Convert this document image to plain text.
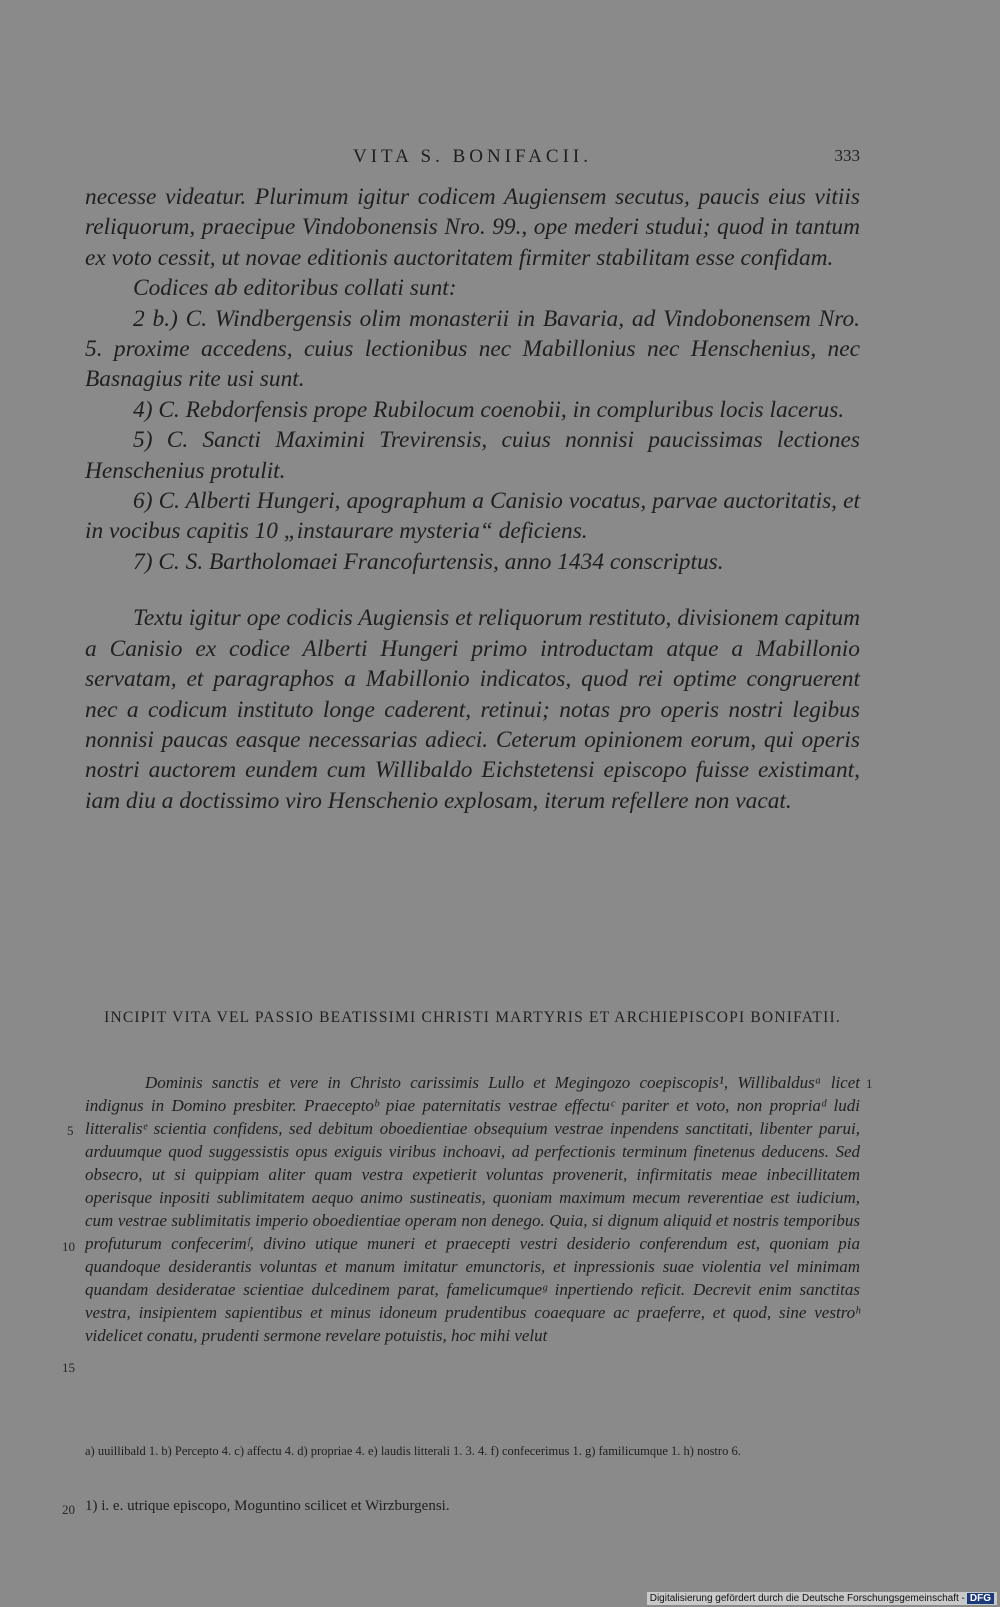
VITA S. BONIFACII.	333

necesse videatur. Plurimum igitur codicem Augiensem secutus, paucis eius vitiis reliquorum, praecipue Vindobonensis Nro. 99., ope mederi studui; quod in tantum ex voto cessit, ut novae editionis auctoritatem firmiter stabilitam esse confidam.

Codices ab editoribus collati sunt:

2 b.) C. Windbergensis olim monasterii in Bavaria, ad Vindobonensem Nro. 5. proxime accedens, cuius lectionibus nec Mabillonius nec Henschenius, nec Basnagius rite usi sunt.

4) C. Rebdorfensis prope Rubilocum coenobii, in compluribus locis lacerus.

5) C. Sancti Maximini Trevirensis, cuius nonnisi paucissimas lectiones Henschenius protulit.

6) C. Alberti Hungeri, apographum a Canisio vocatus, parvae auctoritatis, et in vocibus capitis 10 „instaurare mysteria“ deficiens.

7) C. S. Bartholomaei Francofurtensis, anno 1434 conscriptus.

Textu igitur ope codicis Augiensis et reliquorum restituto, divisionem capitum a Canisio ex codice Alberti Hungeri primo introductam atque a Mabillonio servatam, et paragraphos a Mabillonio indicatos, quod rei optime congruerent nec a codicum instituto longe caderent, retinui; notas pro operis nostri legibus nonnisi paucas easque necessarias adieci. Ceterum opinionem eorum, qui operis nostri auctorem eundem cum Willibaldo Eichstetensi episcopo fuisse existimant, iam diu a doctissimo viro Henschenio explosam, iterum refellere non vacat.

INCIPIT VITA VEL PASSIO BEATISSIMI CHRISTI MARTYRIS ET ARCHIEPISCOPI BONIFATII.

Dominis sanctis et vere in Christo carissimis Lullo et Megingozo coepiscopis¹, Willibaldusᵃ licet indignus in Domino presbiter. Praeceptoᵇ piae paternitatis vestrae effectuᶜ pariter et voto, non propriaᵈ ludi litteralisᵉ scientia confidens, sed debitum oboedientiae obsequium vestrae inpendens sanctitati, libenter parui, arduumque quod suggessistis opus exiguis viribus inchoavi, ad perfectionis terminum finetenus deducens. Sed obsecro, ut si quippiam aliter quam vestra expetierit voluntas provenerit, infirmitatis meae inbecillitatem operisque inpositi sublimitatem aequo animo sustineatis, quoniam maximum mecum reverentiae est iudicium, cum vestrae sublimitatis imperio oboedientiae operam non denego. Quia, si dignum aliquid et nostris temporibus profuturum confecerimᶠ, divino utique muneri et praecepti vestri desiderio conferendum est, quoniam pia quandoque desiderantis voluntas et manum imitatur emunctoris, et inpressionis suae violentia vel minimam quandam desideratae scientiae dulcedinem parat, famelicumqueᵍ inpertiendo reficit. Decrevit enim sanctitas vestra, insipientem sapientibus et minus idoneum prudentibus coaequare ac praeferre, et quod, sine vestroʰ videlicet conatu, prudenti sermone revelare potuistis, hoc mihi velut

1
5
10
15
20
a) uuillibald 1. b) Percepto 4. c) affectu 4. d) propriae 4. e) laudis litterali 1. 3. 4. f) confecerimus 1. g) familicumque 1. h) nostro 6.
1) i. e. utrique episcopo, Moguntino scilicet et Wirzburgensi.
Digitalisierung gefördert durch die Deutsche Forschungsgemeinschaft - DFG
